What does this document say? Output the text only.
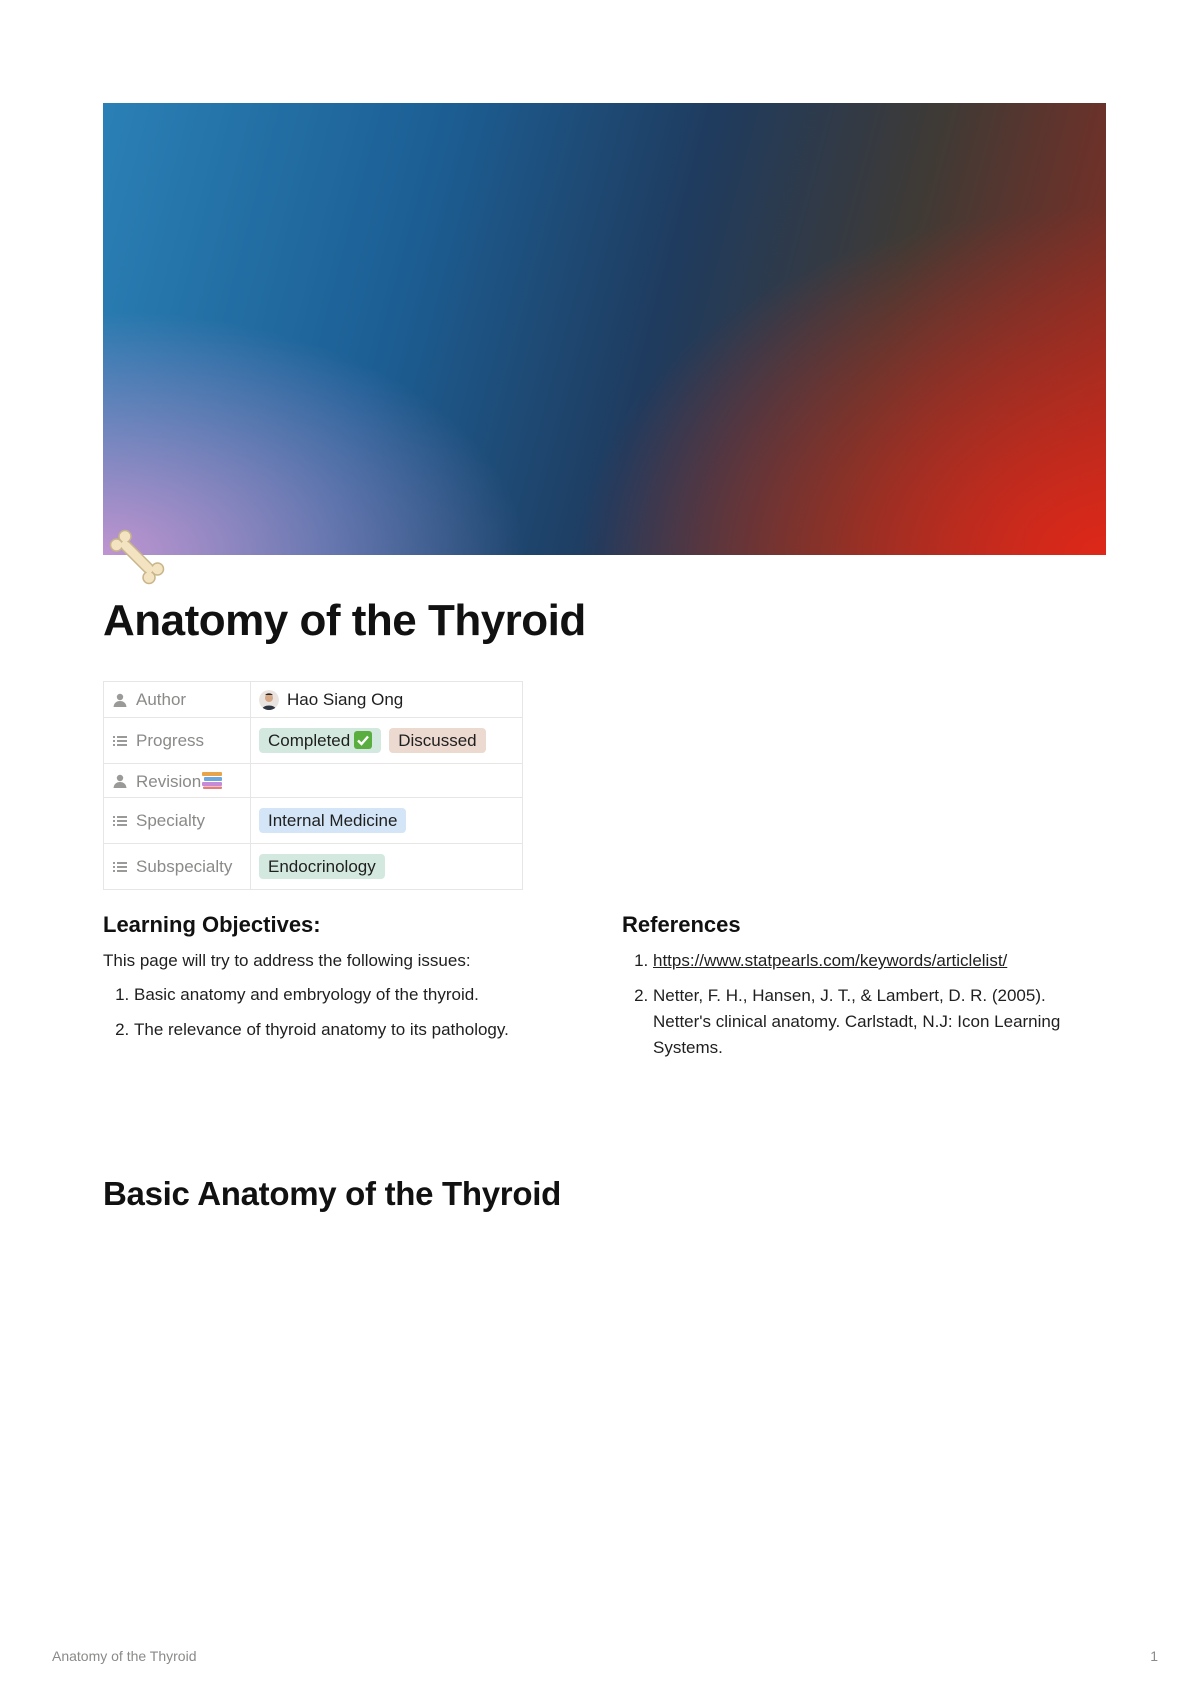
Anatomy of the Thyroid
Author	Hao Siang Ong

Progress	Completed Discussed

Revision	

Specialty	Internal Medicine

Subspecialty	Endocrinology
Learning Objectives:

This page will try to address the following issues:

1. Basic anatomy and embryology of the thyroid.
2. The relevance of thyroid anatomy to its pathology.
References
1. https://www.statpearls.com/keywords/articlelist/
2. Netter, F. H., Hansen, J. T., & Lambert, D. R. (2005). Netter's clinical anatomy. Carlstadt, N.J: Icon Learning Systems.
Basic Anatomy of the Thyroid
Anatomy of the Thyroid	1
